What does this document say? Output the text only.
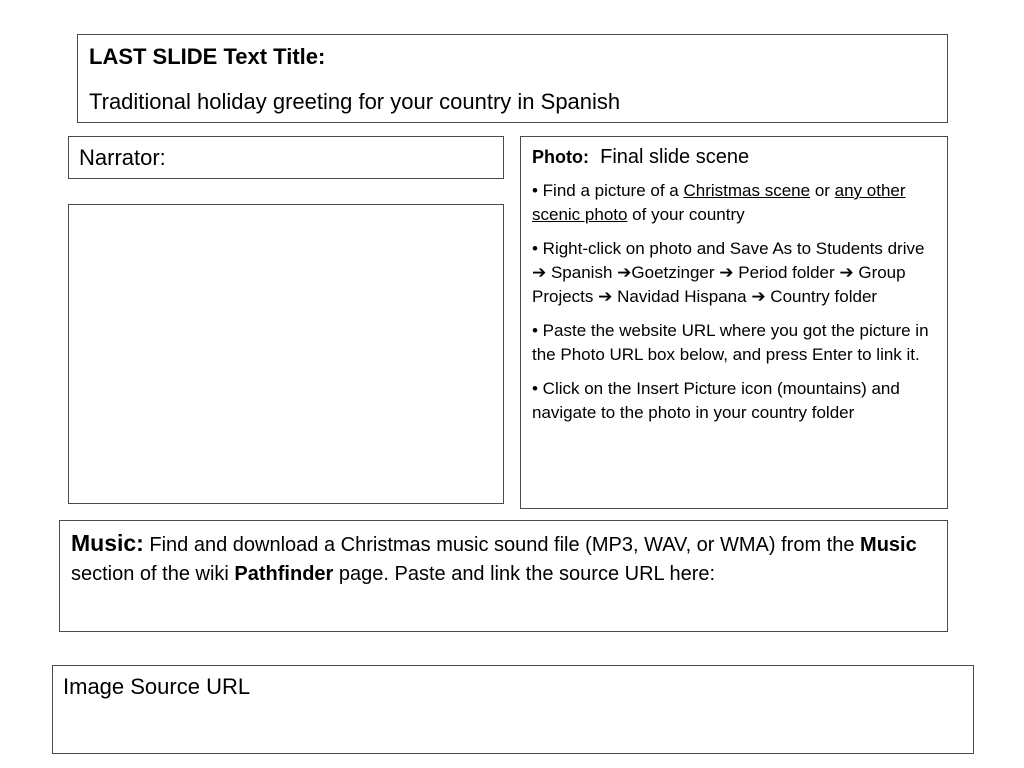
LAST SLIDE Text Title:

Traditional holiday greeting for your country in Spanish

Narrator:	Photo: Final slide scene

• Find a picture of a Christmas scene or any other scenic photo of your country

• Right-click on photo and Save As to Students drive ➔ Spanish ➔Goetzinger ➔ Period folder ➔ Group Projects ➔ Navidad Hispana ➔ Country folder

• Paste the website URL where you got the picture in the Photo URL box below, and press Enter to link it.

• Click on the Insert Picture icon (mountains) and navigate to the photo in your country folder

Music: Find and download a Christmas music sound file (MP3, WAV, or WMA) from the Music section of the wiki Pathfinder page. Paste and link the source URL here:
Image Source URL
